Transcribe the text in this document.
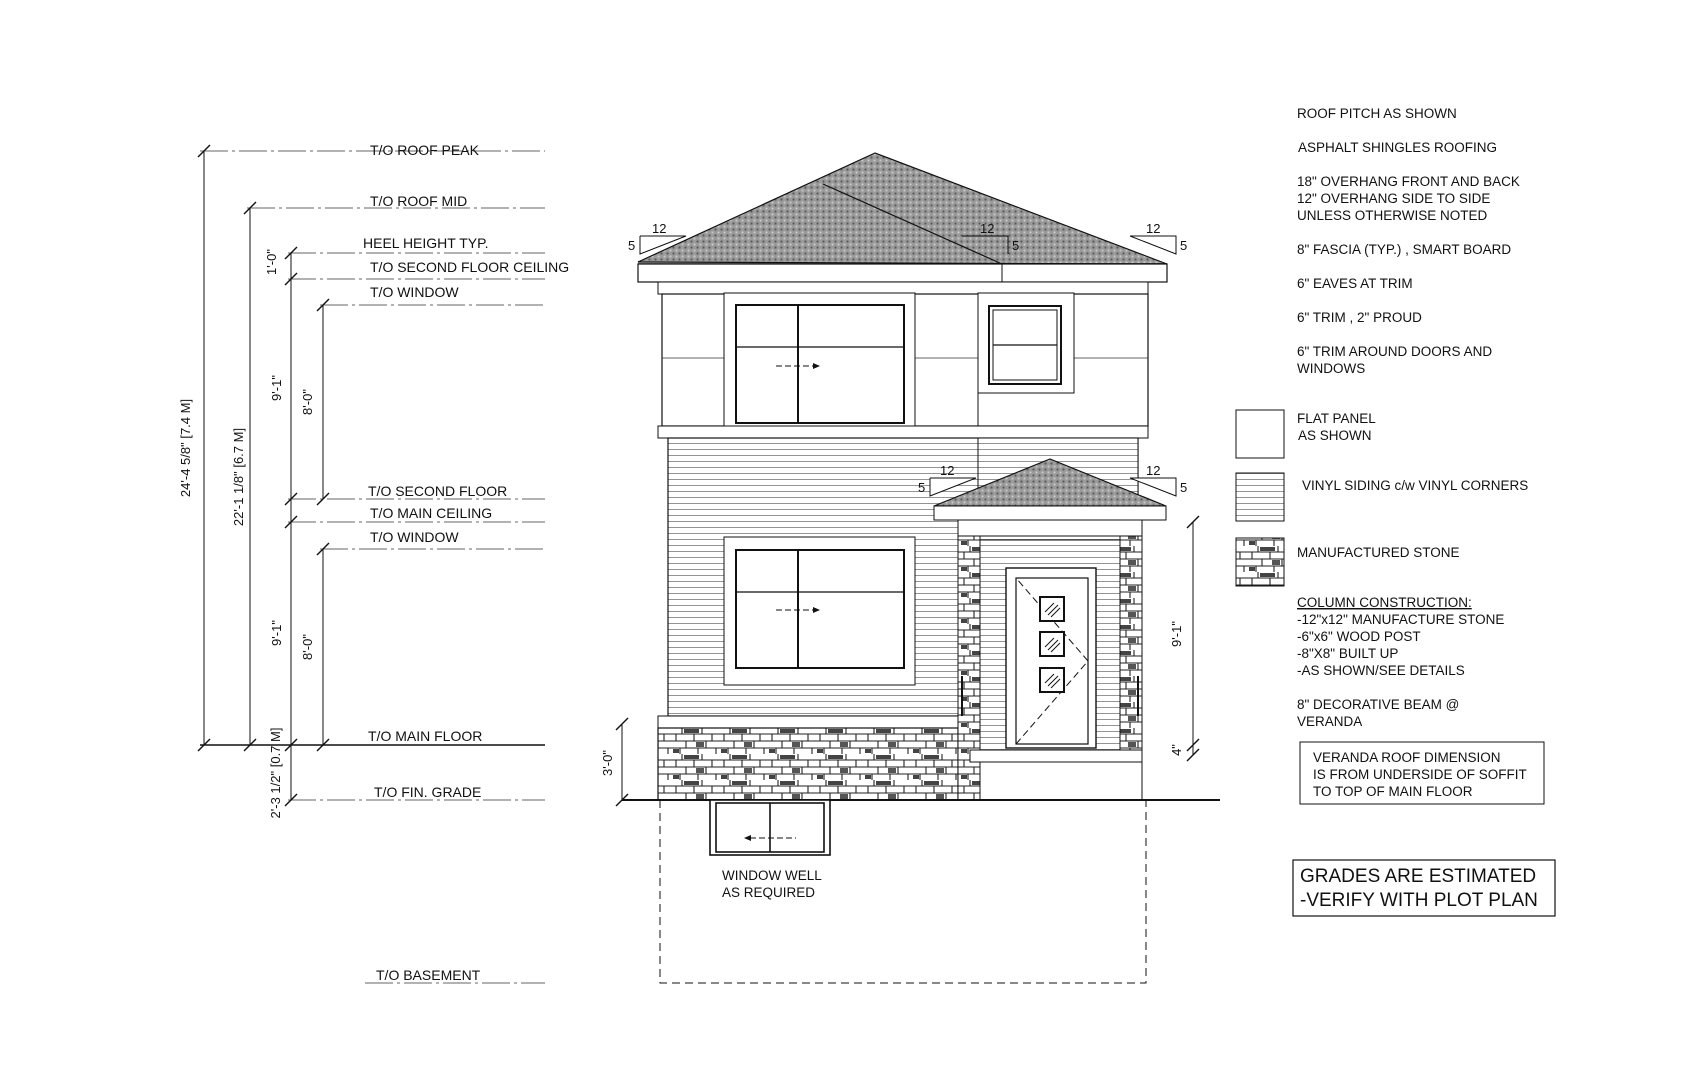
T/O ROOF PEAK
T/O ROOF MID
HEEL HEIGHT TYP.
T/O SECOND FLOOR CEILING
T/O WINDOW
T/O SECOND FLOOR
T/O MAIN CEILING
T/O WINDOW
T/O MAIN FLOOR
T/O FIN. GRADE
T/O BASEMENT
24'-4 5/8" [7.4 M]	22'-1 1/8" [6.7 M]
1'-0"
9'-1"
8'-0"
9'-1"
8'-0"
2'-3 1/2" [0.7 M]	3'-0"
9'-1"
4"
12
5
12
5
12
5
12
5
12
5
WINDOW WELL
AS REQUIRED
ROOF PITCH AS SHOWN
ASPHALT SHINGLES ROOFING
18" OVERHANG FRONT AND BACK
12" OVERHANG SIDE TO SIDE
UNLESS OTHERWISE NOTED
8" FASCIA (TYP.) , SMART BOARD
6" EAVES AT TRIM
6" TRIM , 2" PROUD
6" TRIM AROUND DOORS AND
WINDOWS
FLAT PANEL
AS SHOWN
VINYL SIDING c/w VINYL CORNERS
MANUFACTURED STONE
COLUMN CONSTRUCTION:
-12"x12" MANUFACTURE STONE
-6"x6" WOOD POST
-8"X8" BUILT UP
-AS SHOWN/SEE DETAILS
8" DECORATIVE BEAM @
VERANDA
VERANDA ROOF DIMENSION
IS FROM UNDERSIDE OF SOFFIT
TO TOP OF MAIN FLOOR
GRADES ARE ESTIMATED
-VERIFY WITH PLOT PLAN
